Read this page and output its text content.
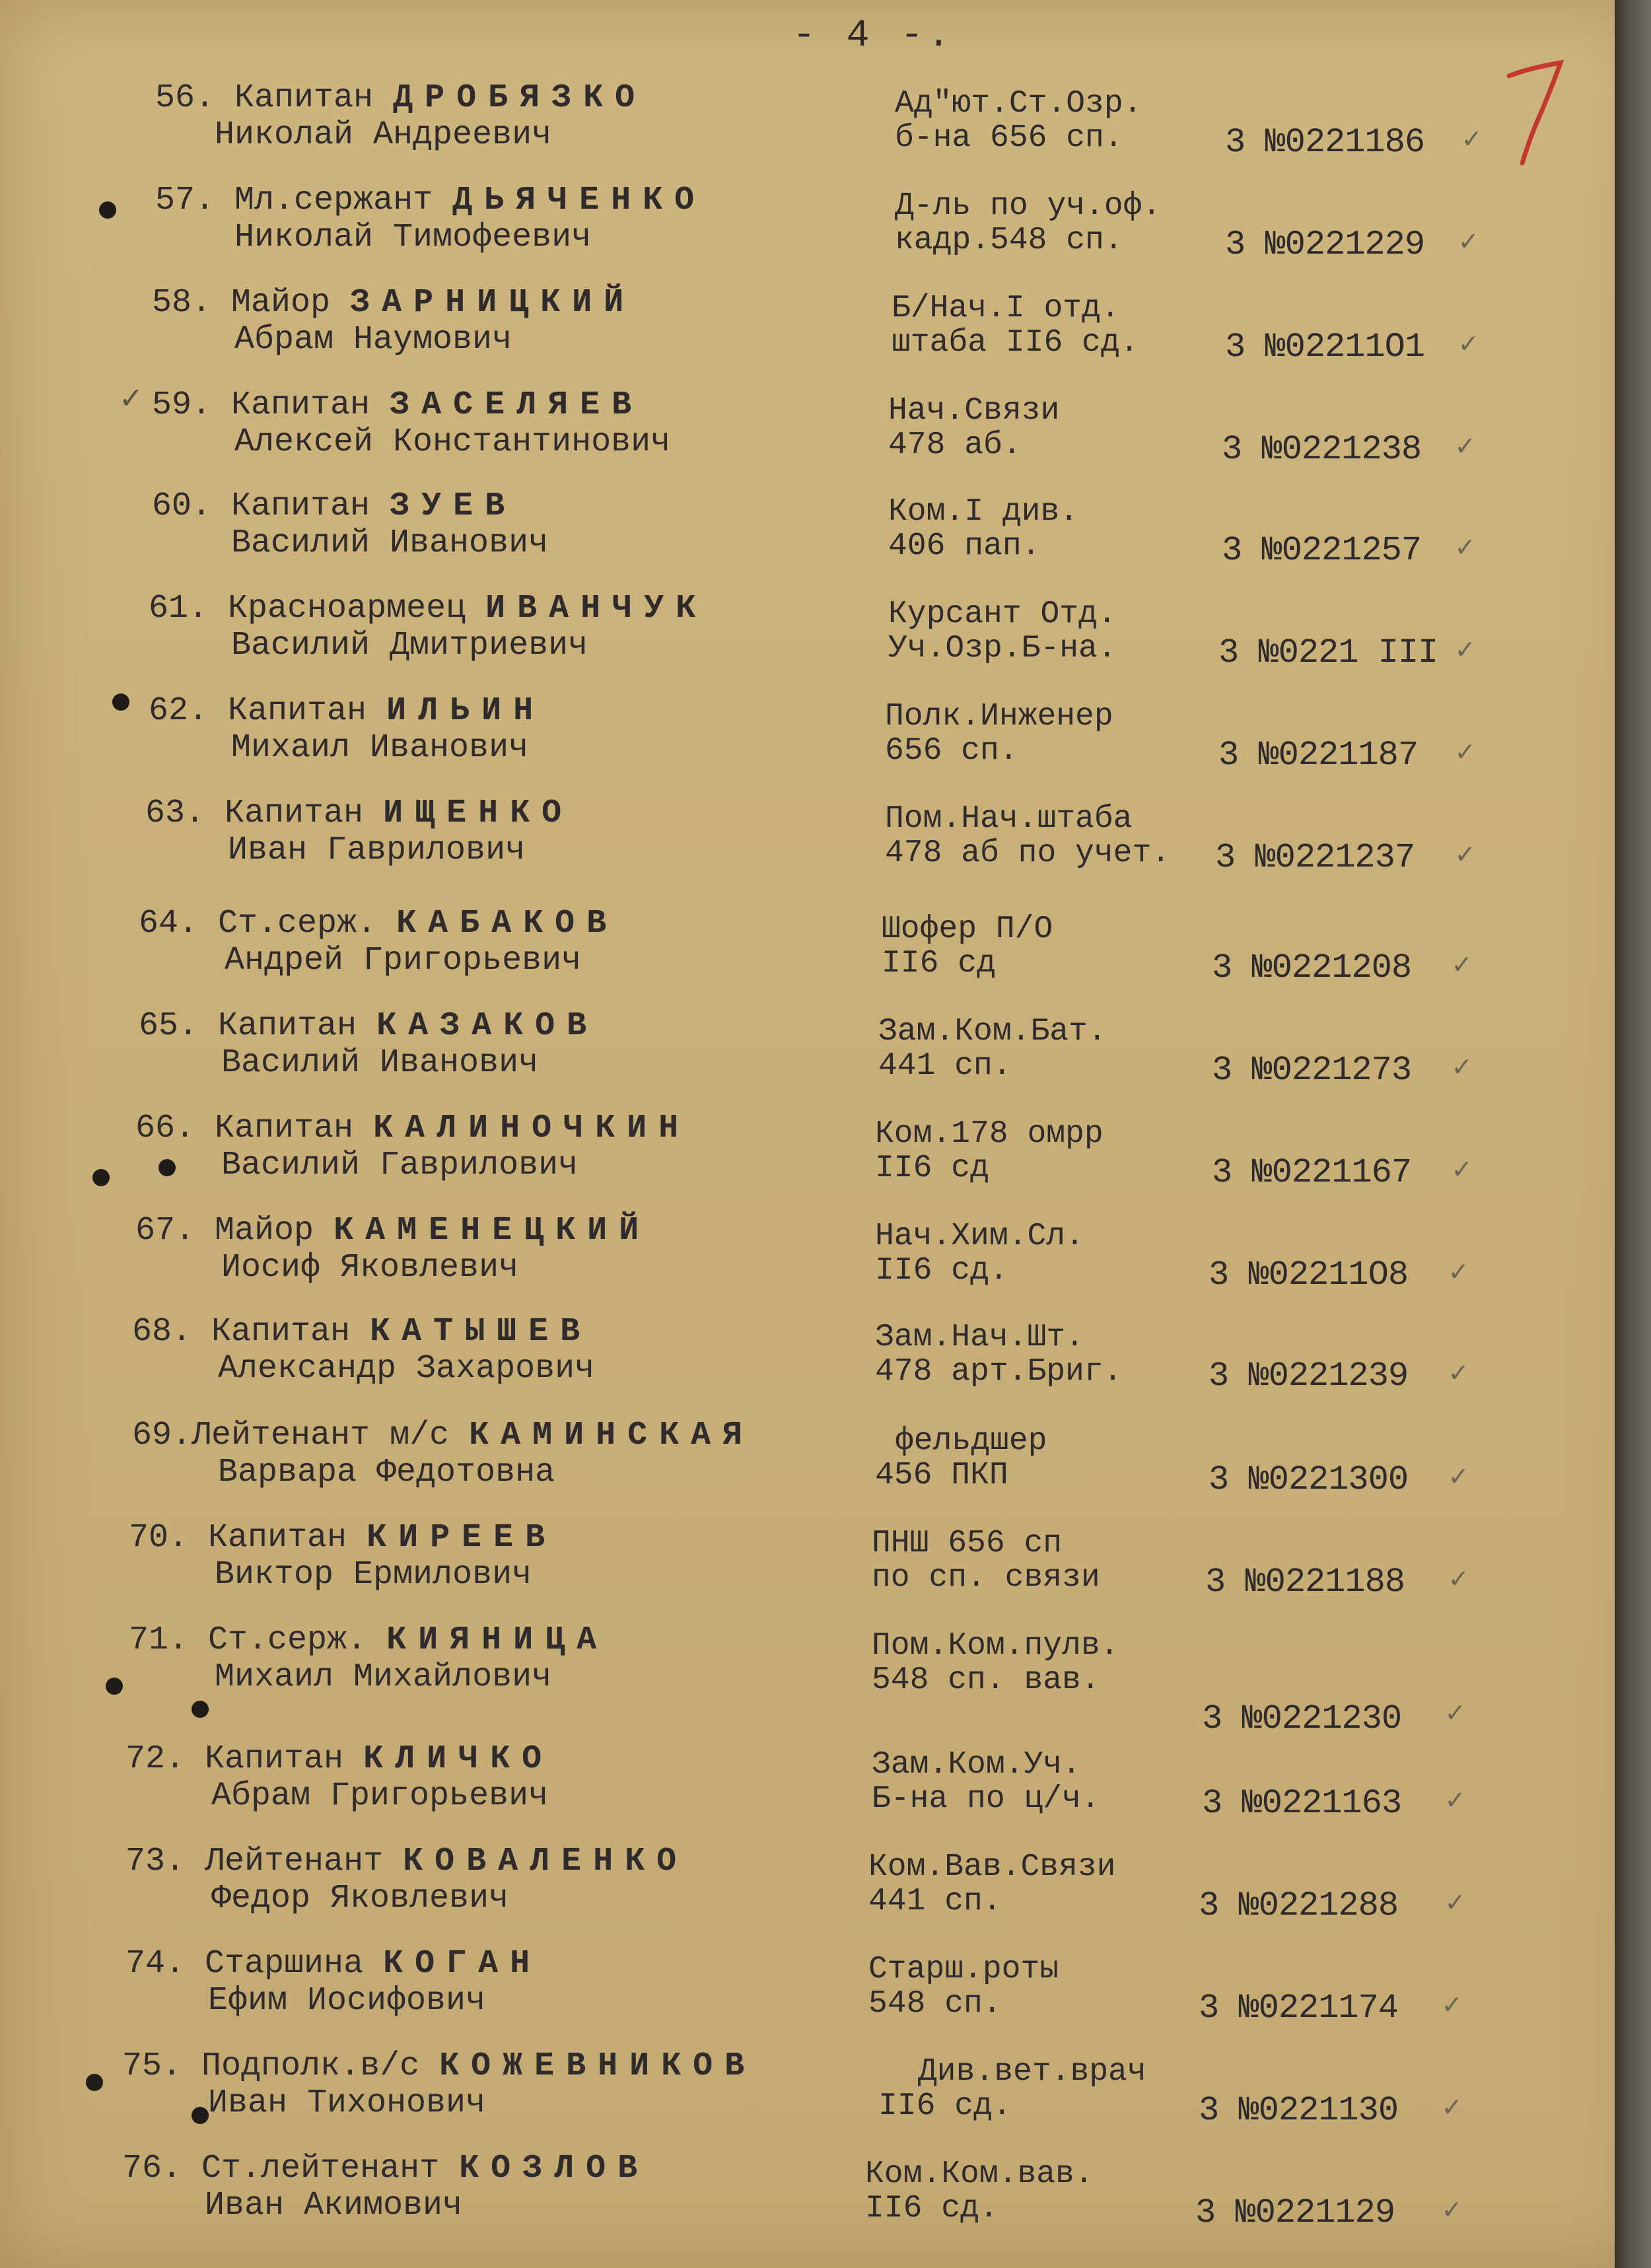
- 4 -.	7
✓
56. Капитан ДРОБЯЗКО
Николай Андреевич
Ад"ют.Ст.Озр.
б-на 656 сп.	3 №0221186 ✓
57. Мл.сержант ДЬЯЧЕНКО
Николай Тимофеевич
Д-ль по уч.оф.
кадр.548 сп.	3 №0221229 ✓
58. Майор ЗАРНИЦКИЙ
Абрам Наумович
Б/Нач.I отд.
штаба II6 сд.	3 №02211О1 ✓
59. Капитан ЗАСЕЛЯЕВ
Алексей Константинович
Нач.Связи
478 аб.	3 №0221238 ✓
60. Капитан ЗУЕВ
Василий Иванович
Ком.I див.
406 пап.	3 №0221257 ✓
61. Красноармеец ИВАНЧУК
Василий Дмитриевич
Курсант Отд.
Уч.Озр.Б-на.	3 №0221 III ✓
62. Капитан ИЛЬИН
Михаил Иванович
Полк.Инженер
656 сп.	3 №0221187 ✓
63. Капитан ИЩЕНКО
Иван Гаврилович
Пом.Нач.штаба
478 аб по учет. 3 №0221237 ✓
64. Ст.серж. КАБАКОВ
Андрей Григорьевич
Шофер П/О
II6 сд	3 №0221208 ✓
65. Капитан КАЗАКОВ
Василий Иванович
Зам.Ком.Бат.
441 сп.	3 №0221273 ✓
66. Капитан КАЛИНОЧКИН
Василий Гаврилович
Ком.178 омрр
II6 сд	3 №0221167 ✓
67. Майор КАМЕНЕЦКИЙ
Иосиф Яковлевич
Нач.Хим.Сл.
II6 сд.	3 №02211О8 ✓
68. Капитан КАТЫШЕВ
Александр Захарович
Зам.Нач.Шт.
478 арт.Бриг.	3 №0221239 ✓
69.Лейтенант м/с КАМИНСКАЯ
Варвара Федотовна
фельдшер
456 ПКП	3 №0221300 ✓
70. Капитан КИРЕЕВ
Виктор Ермилович
ПНШ 656 сп
по сп. связи	3 №0221188 ✓
71. Ст.серж. КИЯНИЦА
Михаил Михайлович
Пом.Ком.пулв.
548 сп. вав.
3 №0221230 ✓
72. Капитан КЛИЧКО
Абрам Григорьевич
Зам.Ком.Уч.
Б-на по ц/ч.	3 №0221163 ✓
73. Лейтенант КОВАЛЕНКО
Федор Яковлевич
Ком.Вав.Связи
441 сп.	3 №0221288 ✓
74. Старшина КОГАН
Ефим Иосифович
Старш.роты
548 сп.	3 №0221174 ✓
75. Подполк.в/с КОЖЕВНИКОВ
Иван Тихонович
Див.вет.врач
II6 сд.	3 №0221130 ✓
76. Ст.лейтенант КОЗЛОВ
Иван Акимович
Ком.Ком.вав.
II6 сд.	3 №0221129 ✓
